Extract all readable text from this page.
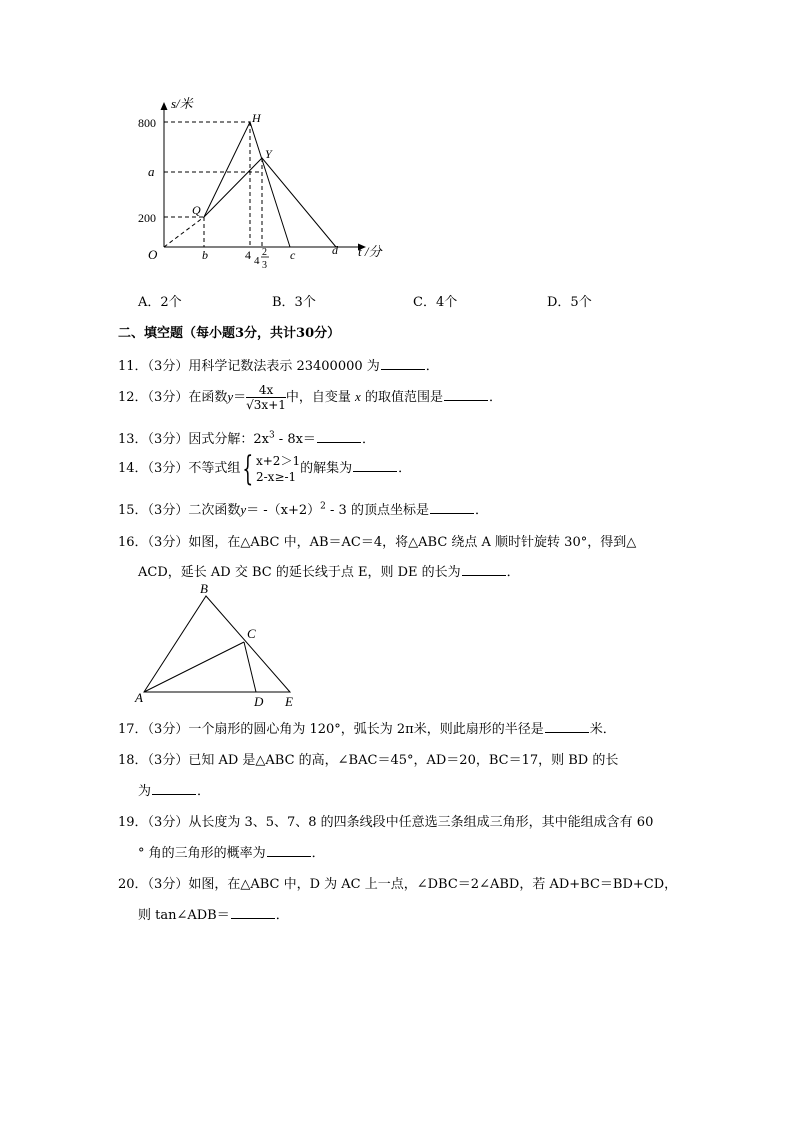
s/米
800
a
200
O	b	4 4
2
3
c	d t /分
H
Y
Q
A．2个	B．3个	C．4个	D．5个
二、填空题（每小题3分，共计30分）
11．（3分）用科学记数法表示 23400000 为	．
12．（3分）在函数$y= \frac{4x}{√3x+1}$ 中，自变量 x 的取值范围是	．
13．（3分）因式分解：$2x^3 - 8x=$	．
14．（3分）不等式组{ x+2＞1
2-x≥-1
的解集为	．
15．（3分）二次函数$y= -(x+2)^2 - 3$ 的顶点坐标是	．
16．（3分）如图，在△ABC 中，AB＝AC＝4，将△ABC 绕点 A 顺时针旋转 30°，得到△
ACD，延长 AD 交 BC 的延长线于点 E，则 DE 的长为	．
B
C
A	D E
17．（3分）一个扇形的圆心角为 120°，弧长为 2π米，则此扇形的半径是	米．
18．（3分）已知 AD 是△ABC 的高，∠BAC＝45°，AD＝20，BC＝17，则 BD 的长
为	．
19．（3分）从长度为 3、5、7、8 的四条线段中任意选三条组成三角形，其中能组成含有 60
° 角的三角形的概率为	．
20．（3分）如图，在△ABC 中，D 为 AC 上一点，∠DBC＝2∠ABD，若 AD+BC＝BD+CD，
则 tan∠ADB＝	．
